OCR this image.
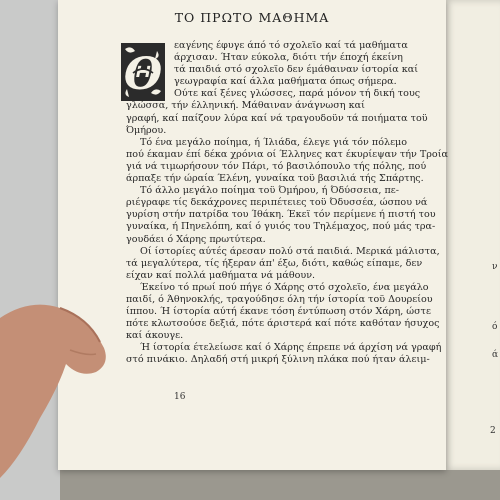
ν
ό
ά
2
ΤΟ ΠΡΩΤΟ ΜΑΘΗΜΑ
Θ
εαγένης έφυγε άπό τό σχολεϊο καί τά μαθήματα
άρχισαν. Ήταν εύκολα, διότι τήν έποχή έκείνη
τά παιδιά στό σχολεϊο δεν έμάθαιναν ίστορία καί
γεωγραφία καί άλλα μαθήματα όπως σήμερα.
Ούτε καί ξένες γλώσσες, παρά μόνον τή δική τους
γλώσσα, τήν έλληνική. Μάθαιναν άνάγνωση καί
γραφή, καί παίζουν λύρα καί νά τραγουδοϋν τά ποιήματα τοϋ
Όμήρου.
Τό ένα μεγάλο ποίημα, ή Ίλιάδα, έλεγε γιά τόν πόλεμο
πού έκαμαν έπί δέκα χρόνια οί Έλληνες κατ έκυρίεψαν τήν Τροία
γιά νά τιμωρήσουν τόν Πάρι, τό βασιλόπουλο τής πόλης, πού
άρπαξε τήν ώραία Έλένη, γυναίκα τοϋ βασιλιά τής Σπάρτης.
Τό άλλο μεγάλο ποίημα τοϋ Όμήρου, ή Όδύσσεια, πε-
ριέγραφε τίς δεκάχρονες περιπέτειες τοϋ Όδυσσέα, ώσπου νά
γυρίση στήν πατρίδα του Ίθάκη. Έκεϊ τόν περίμενε ή πιστή του
γυναίκα, ή Πηνελόπη, καί ό γυιός του Τηλέμαχος, πού μάς τρα-
γουδάει ό Χάρης πρωτύτερα.
Οί ίστορίες αύτές άρεσαν πολύ στά παιδιά. Μερικά μάλιστα,
τά μεγαλύτερα, τίς ήξεραν άπ' έξω, διότι, καθώς είπαμε, δεν
είχαν καί πολλά μαθήματα νά μάθουν.
Έκείνο τό πρωί πού πήγε ό Χάρης στό σχολεϊο, ένα μεγάλο
παιδί, ό Άθηνοκλής, τραγούδησε όλη τήν ίστορία τοϋ Δουρείου
ίππου. Ή ίστορία αύτή έκανε τόση έντύπωση στόν Χάρη, ώστε
πότε κλωτσούσε δεξιά, πότε άριστερά καί πότε καθόταν ήσυχος
καί άκουγε.
Ή ίστορία έτελείωσε καί ό Χάρης έπρεπε νά άρχίση νά γραφή
στό πινάκιο. Δηλαδή στή μικρή ξύλινη πλάκα πού ήταν άλειμ-
16
